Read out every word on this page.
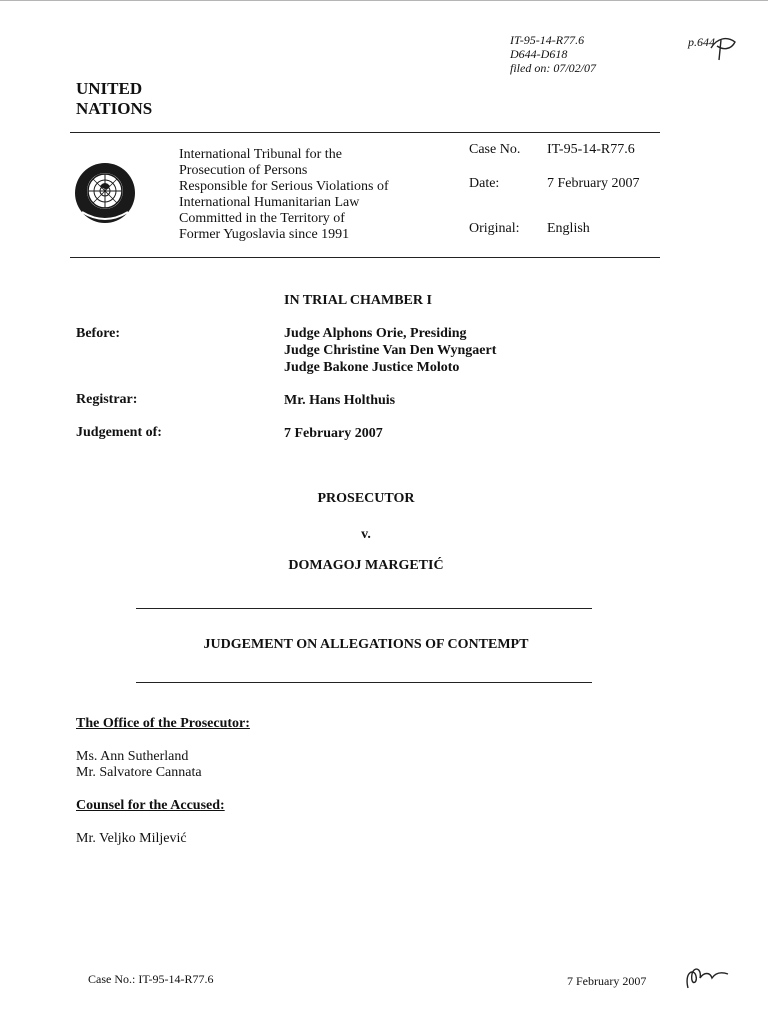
IT-95-14-R77.6
D644-D618
filed on: 07/02/07
p.644
UNITED
NATIONS
International Tribunal for the
Prosecution of Persons
Responsible for Serious Violations of
International Humanitarian Law
Committed in the Territory of
Former Yugoslavia since 1991
Case No. IT-95-14-R77.6
Date:	7 February 2007
Original: English
IN TRIAL CHAMBER I
Before:	Judge Alphons Orie, Presiding
Judge Christine Van Den Wyngaert
Judge Bakone Justice Moloto
Registrar:	Mr. Hans Holthuis
Judgement of:	7 February 2007
PROSECUTOR
v.
DOMAGOJ MARGETIĆ
JUDGEMENT ON ALLEGATIONS OF CONTEMPT
The Office of the Prosecutor:
Ms. Ann Sutherland
Mr. Salvatore Cannata
Counsel for the Accused:
Mr. Veljko Miljević
Case No.: IT-95-14-R77.6	7 February 2007
